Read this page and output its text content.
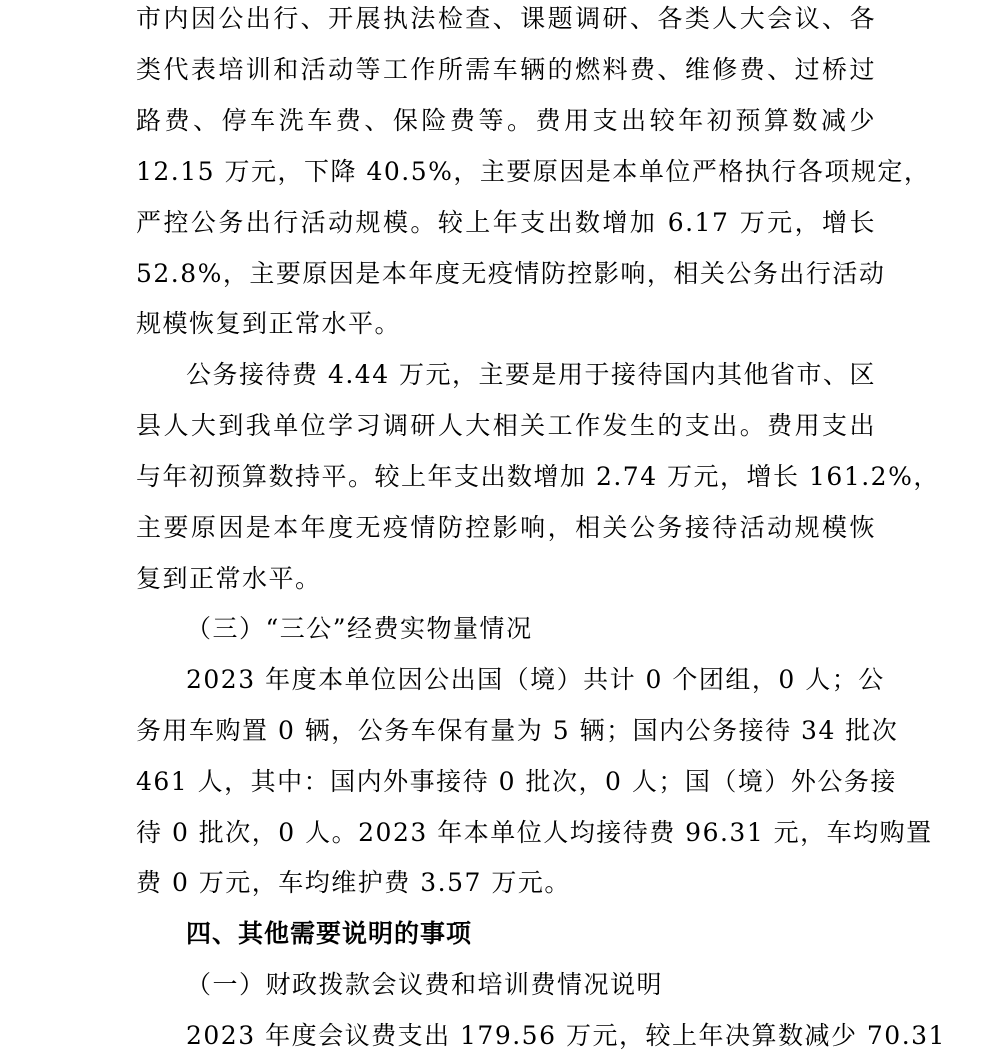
市内因公出行、开展执法检查、课题调研、各类人大会议、各
类代表培训和活动等工作所需车辆的燃料费、维修费、过桥过
路费、停车洗车费、保险费等。费用支出较年初预算数减少
12.15 万元，下降 40.5%，主要原因是本单位严格执行各项规定，
严控公务出行活动规模。较上年支出数增加 6.17 万元，增长
52.8%，主要原因是本年度无疫情防控影响，相关公务出行活动
规模恢复到正常水平。
公务接待费 4.44 万元，主要是用于接待国内其他省市、区
县人大到我单位学习调研人大相关工作发生的支出。费用支出
与年初预算数持平。较上年支出数增加 2.74 万元，增长 161.2%，
主要原因是本年度无疫情防控影响，相关公务接待活动规模恢
复到正常水平。
（三）“三公”经费实物量情况
2023 年度本单位因公出国（境）共计 0 个团组，0 人；公
务用车购置 0 辆，公务车保有量为 5 辆；国内公务接待 34 批次
461 人，其中：国内外事接待 0 批次，0 人；国（境）外公务接
待 0 批次，0 人。2023 年本单位人均接待费 96.31 元，车均购置
费 0 万元，车均维护费 3.57 万元。
四、其他需要说明的事项
（一）财政拨款会议费和培训费情况说明
2023 年度会议费支出 179.56 万元，较上年决算数减少 70.31
